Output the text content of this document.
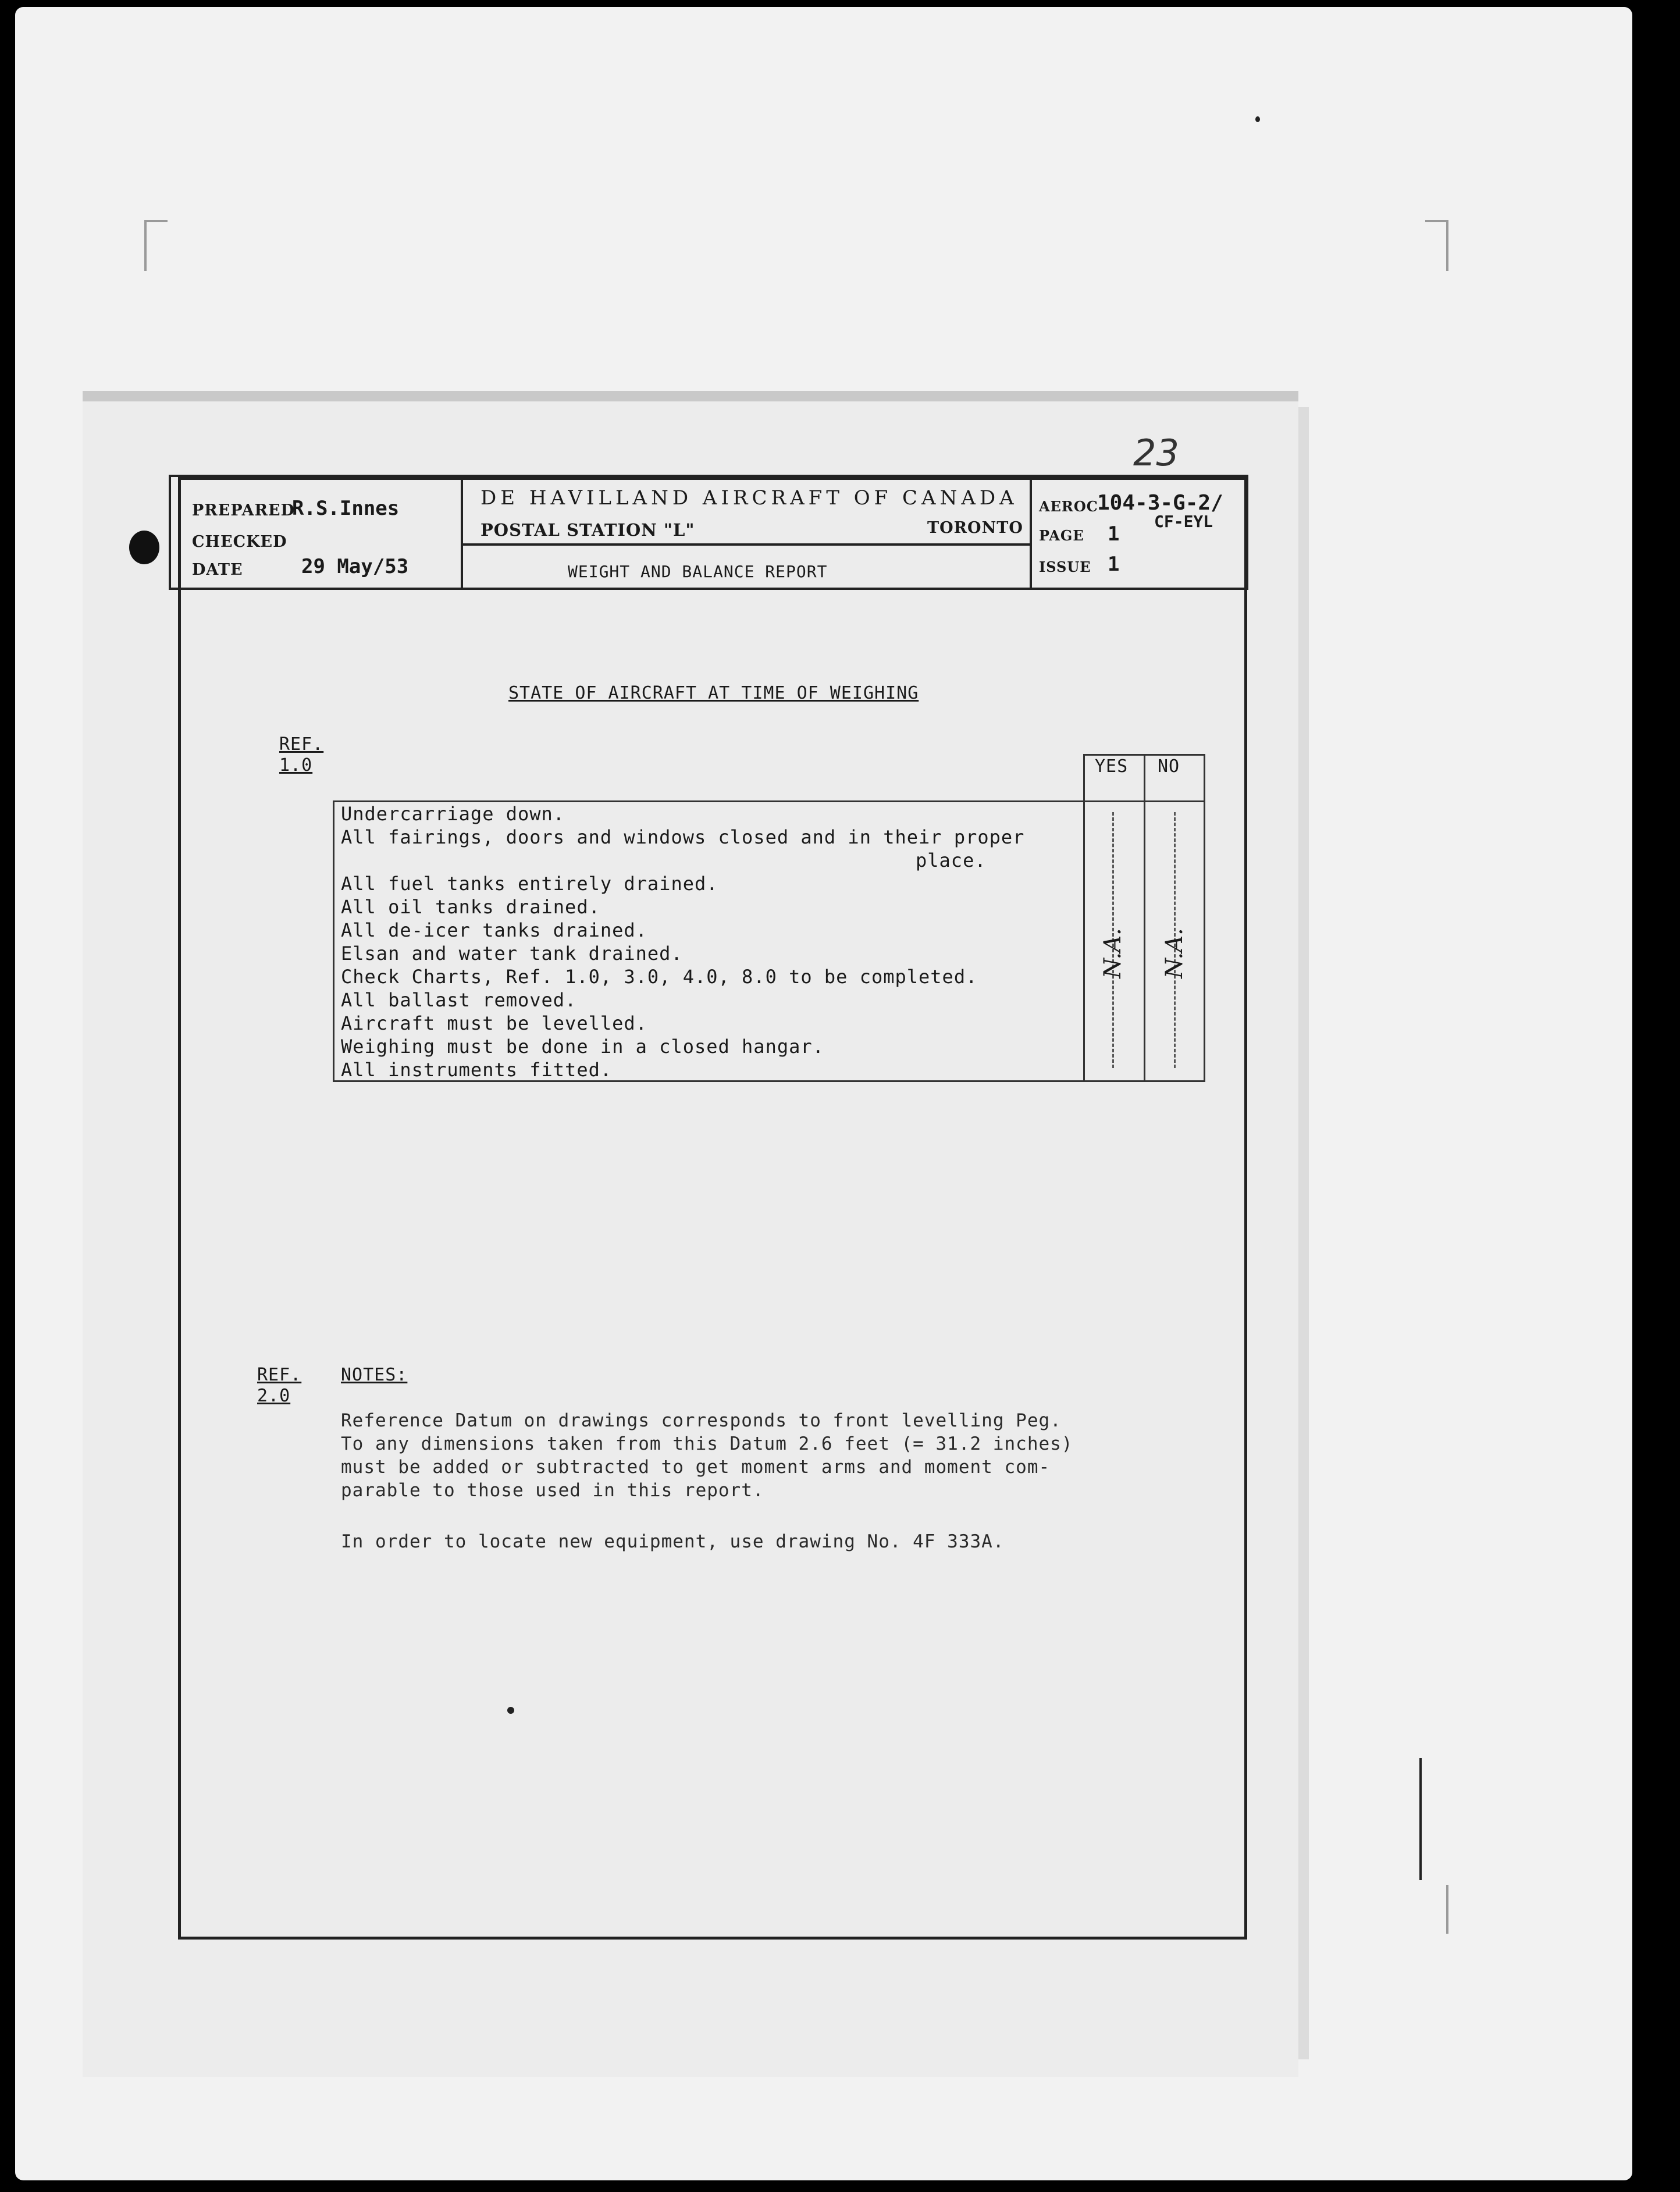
23
PREPARED
R.S.Innes
CHECKED
DATE	29 May/53
DE HAVILLAND AIRCRAFT OF CANADA
POSTAL STATION "L"	TORONTO
WEIGHT AND BALANCE REPORT
AEROC
104-3-G-2/
CF-EYL
PAGE 1
ISSUE 1
STATE OF AIRCRAFT AT TIME OF WEIGHING
REF.
1.0	YES NO
N.A. N.A.
Undercarriage down.
All fairings, doors and windows closed and in their proper
place.
All fuel tanks entirely drained.
All oil tanks drained.
All de-icer tanks drained.
Elsan and water tank drained.
Check Charts, Ref. 1.0, 3.0, 4.0, 8.0 to be completed.
All ballast removed.
Aircraft must be levelled.
Weighing must be done in a closed hangar.
All instruments fitted.
REF.
2.0
NOTES:
Reference Datum on drawings corresponds to front levelling Peg.
To any dimensions taken from this Datum 2.6 feet (= 31.2 inches)
must be added or subtracted to get moment arms and moment com-
parable to those used in this report.
In order to locate new equipment, use drawing No. 4F 333A.
